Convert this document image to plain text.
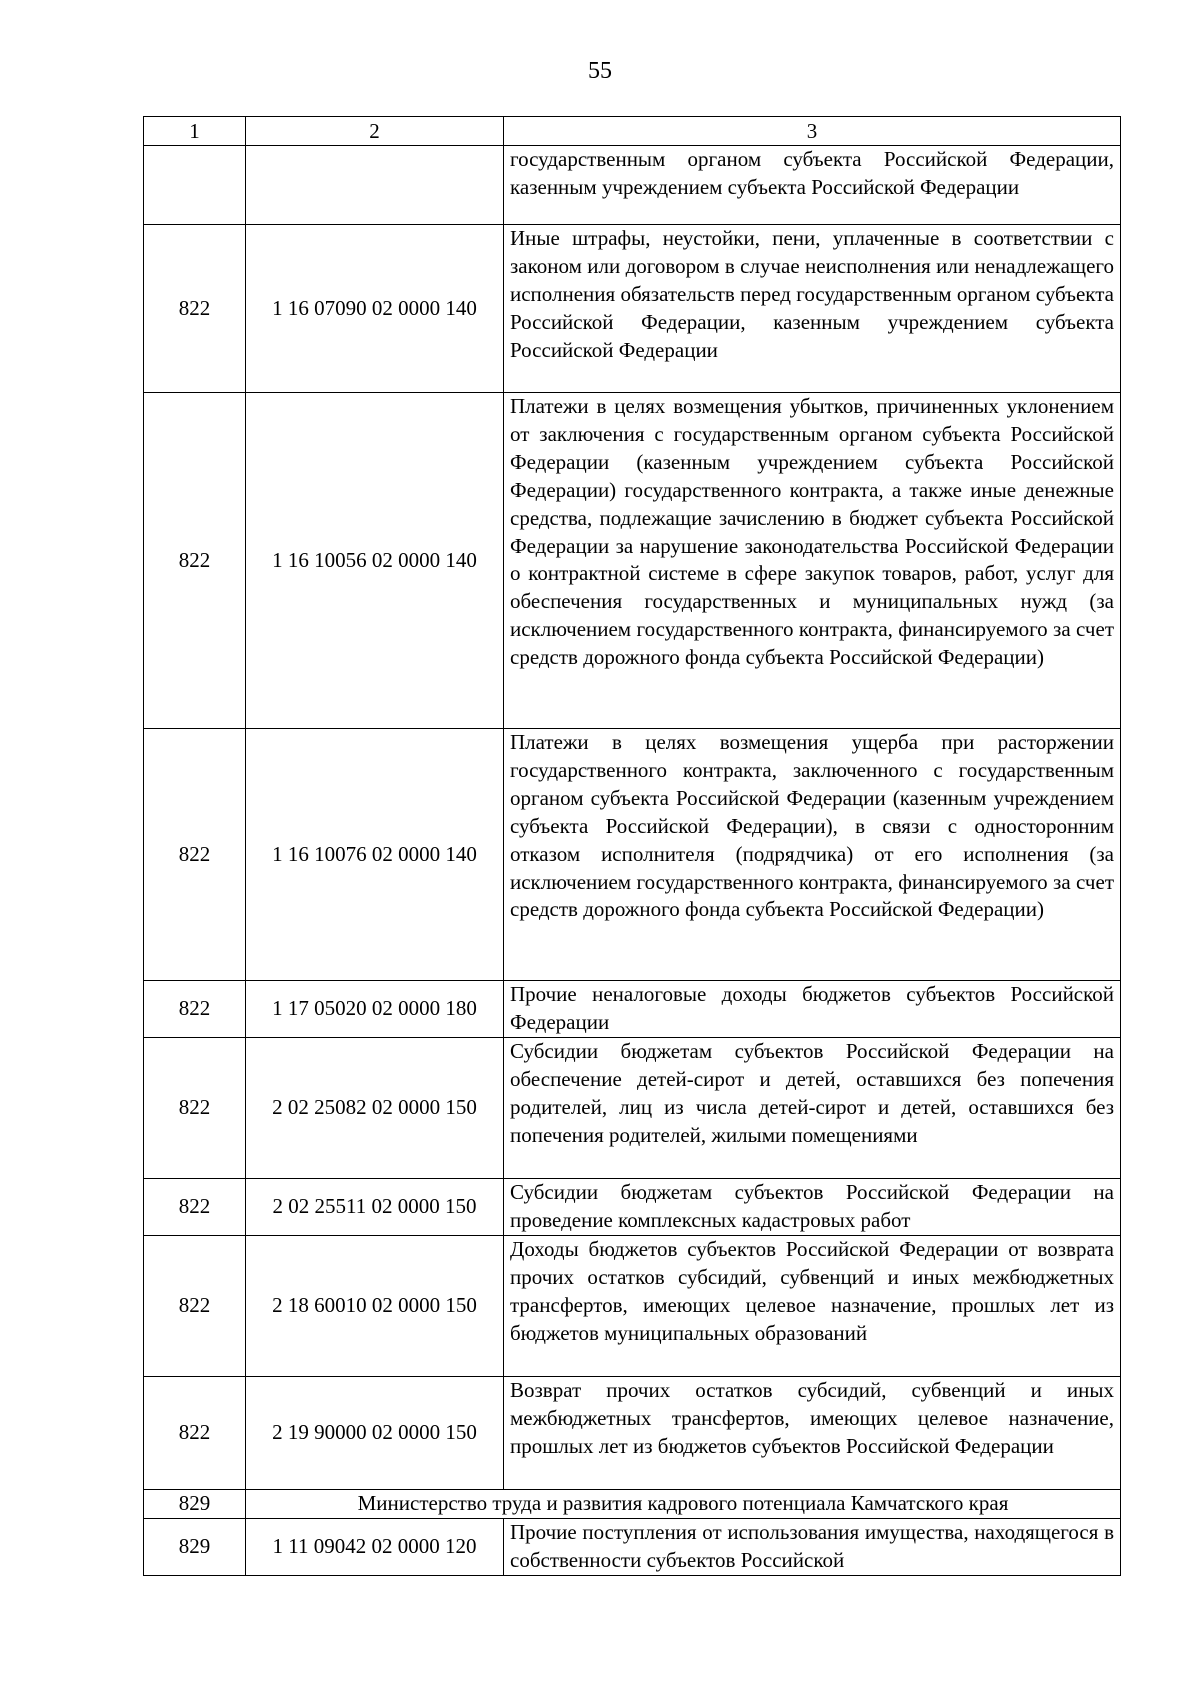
55
1	2	3
		государственным органом субъекта Российской Федерации, казенным учреждением субъекта Российской Федерации
822	1 16 07090 02 0000 140	Иные штрафы, неустойки, пени, уплаченные в соответствии с законом или договором в случае неисполнения или ненадлежащего исполнения обязательств перед государственным органом субъекта Российской Федерации, казенным учреждением субъекта Российской Федерации
822	1 16 10056 02 0000 140	Платежи в целях возмещения убытков, причиненных уклонением от заключения с государственным органом субъекта Российской Федерации (казенным учреждением субъекта Российской Федерации) государственного контракта, а также иные денежные средства, подлежащие зачислению в бюджет субъекта Российской Федерации за нарушение законодательства Российской Федерации о контрактной системе в сфере закупок товаров, работ, услуг для обеспечения государственных и муниципальных нужд (за исключением государственного контракта, финансируемого за счет средств дорожного фонда субъекта Российской Федерации)
822	1 16 10076 02 0000 140	Платежи в целях возмещения ущерба при расторжении государственного контракта, заключенного с государственным органом субъекта Российской Федерации (казенным учреждением субъекта Российской Федерации), в связи с односторонним отказом исполнителя (подрядчика) от его исполнения (за исключением государственного контракта, финансируемого за счет средств дорожного фонда субъекта Российской Федерации)
822	1 17 05020 02 0000 180	Прочие неналоговые доходы бюджетов субъектов Российской Федерации
822	2 02 25082 02 0000 150	Субсидии бюджетам субъектов Российской Федерации на обеспечение детей-сирот и детей, оставшихся без попечения родителей, лиц из числа детей-сирот и детей, оставшихся без попечения родителей, жилыми помещениями
822	2 02 25511 02 0000 150	Субсидии бюджетам субъектов Российской Федерации на проведение комплексных кадастровых работ
822	2 18 60010 02 0000 150	Доходы бюджетов субъектов Российской Федерации от возврата прочих остатков субсидий, субвенций и иных межбюджетных трансфертов, имеющих целевое назначение, прошлых лет из бюджетов муниципальных образований
822	2 19 90000 02 0000 150	Возврат прочих остатков субсидий, субвенций и иных межбюджетных трансфертов, имеющих целевое назначение, прошлых лет из бюджетов субъектов Российской Федерации
829	Министерство труда и развития кадрового потенциала Камчатского края	
829	1 11 09042 02 0000 120	Прочие поступления от использования имущества, находящегося в собственности субъектов Российской
